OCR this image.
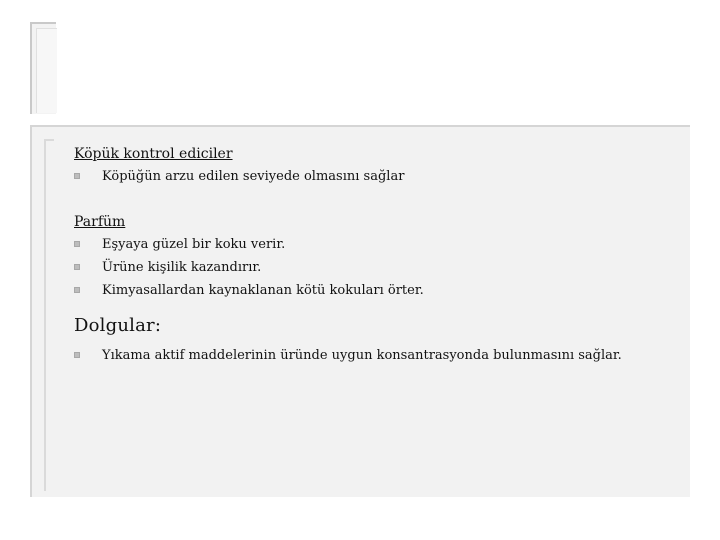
Köpük kontrol ediciler

Köpüğün arzu edilen seviyede olmasını sağlar

Parfüm

Eşyaya güzel bir koku verir.
Ürüne kişilik kazandırır.
Kimyasallardan kaynaklanan kötü kokuları örter.

Dolgular:

Yıkama aktif maddelerinin üründe uygun konsantrasyonda bulunmasını sağlar.
